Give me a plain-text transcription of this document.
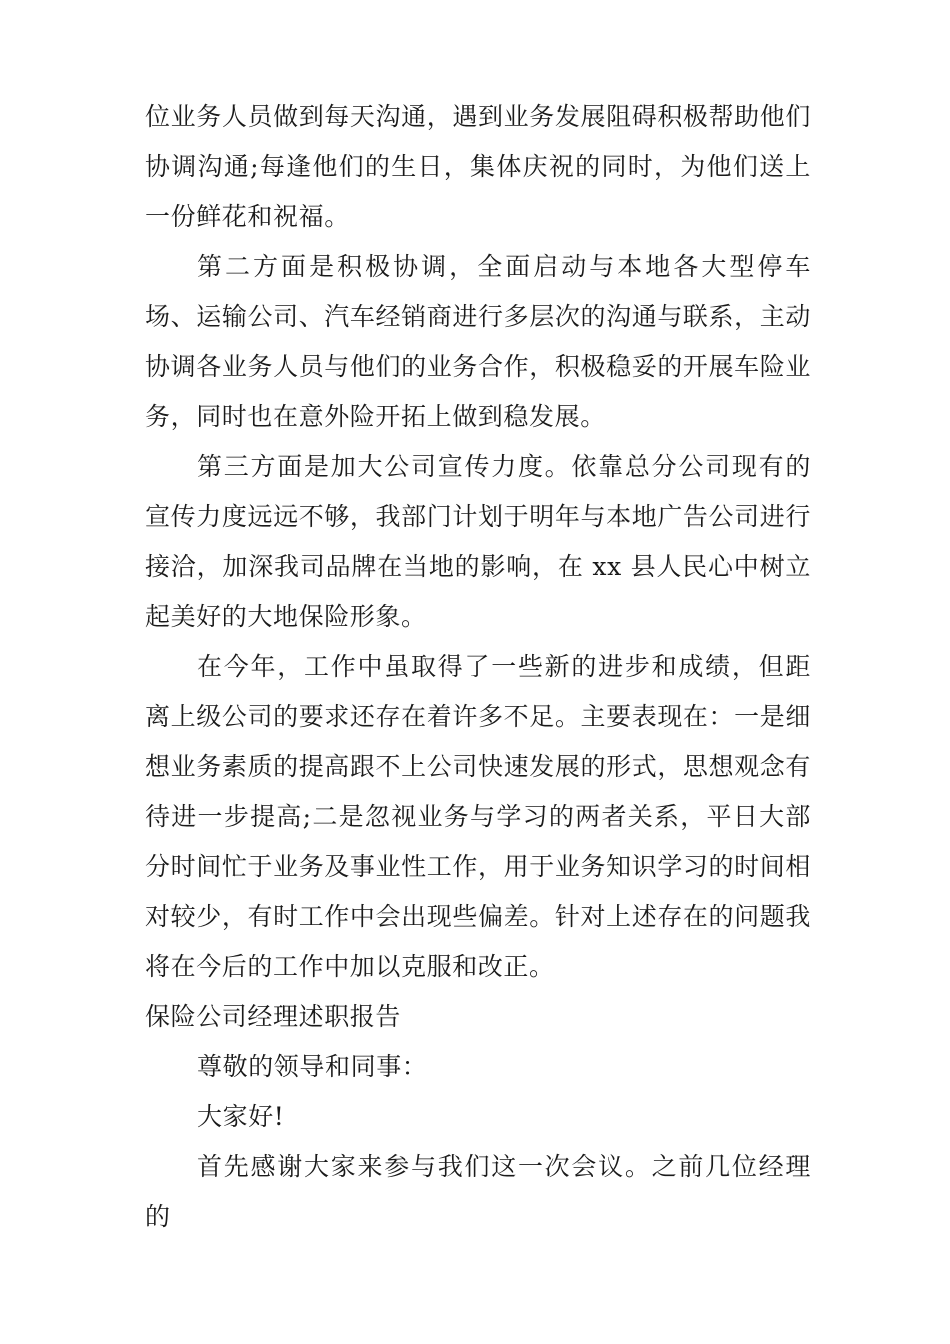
位业务人员做到每天沟通，遇到业务发展阻碍积极帮助他们协调沟通;每逢他们的生日，集体庆祝的同时，为他们送上一份鲜花和祝福。

第二方面是积极协调，全面启动与本地各大型停车场、运输公司、汽车经销商进行多层次的沟通与联系，主动协调各业务人员与他们的业务合作，积极稳妥的开展车险业务，同时也在意外险开拓上做到稳发展。

第三方面是加大公司宣传力度。依靠总分公司现有的宣传力度远远不够，我部门计划于明年与本地广告公司进行接洽，加深我司品牌在当地的影响，在 xx 县人民心中树立起美好的大地保险形象。

在今年，工作中虽取得了一些新的进步和成绩，但距离上级公司的要求还存在着许多不足。主要表现在：一是细想业务素质的提高跟不上公司快速发展的形式，思想观念有待进一步提高;二是忽视业务与学习的两者关系，平日大部分时间忙于业务及事业性工作，用于业务知识学习的时间相对较少，有时工作中会出现些偏差。针对上述存在的问题我将在今后的工作中加以克服和改正。

保险公司经理述职报告

尊敬的领导和同事：

大家好!

首先感谢大家来参与我们这一次会议。之前几位经理的
